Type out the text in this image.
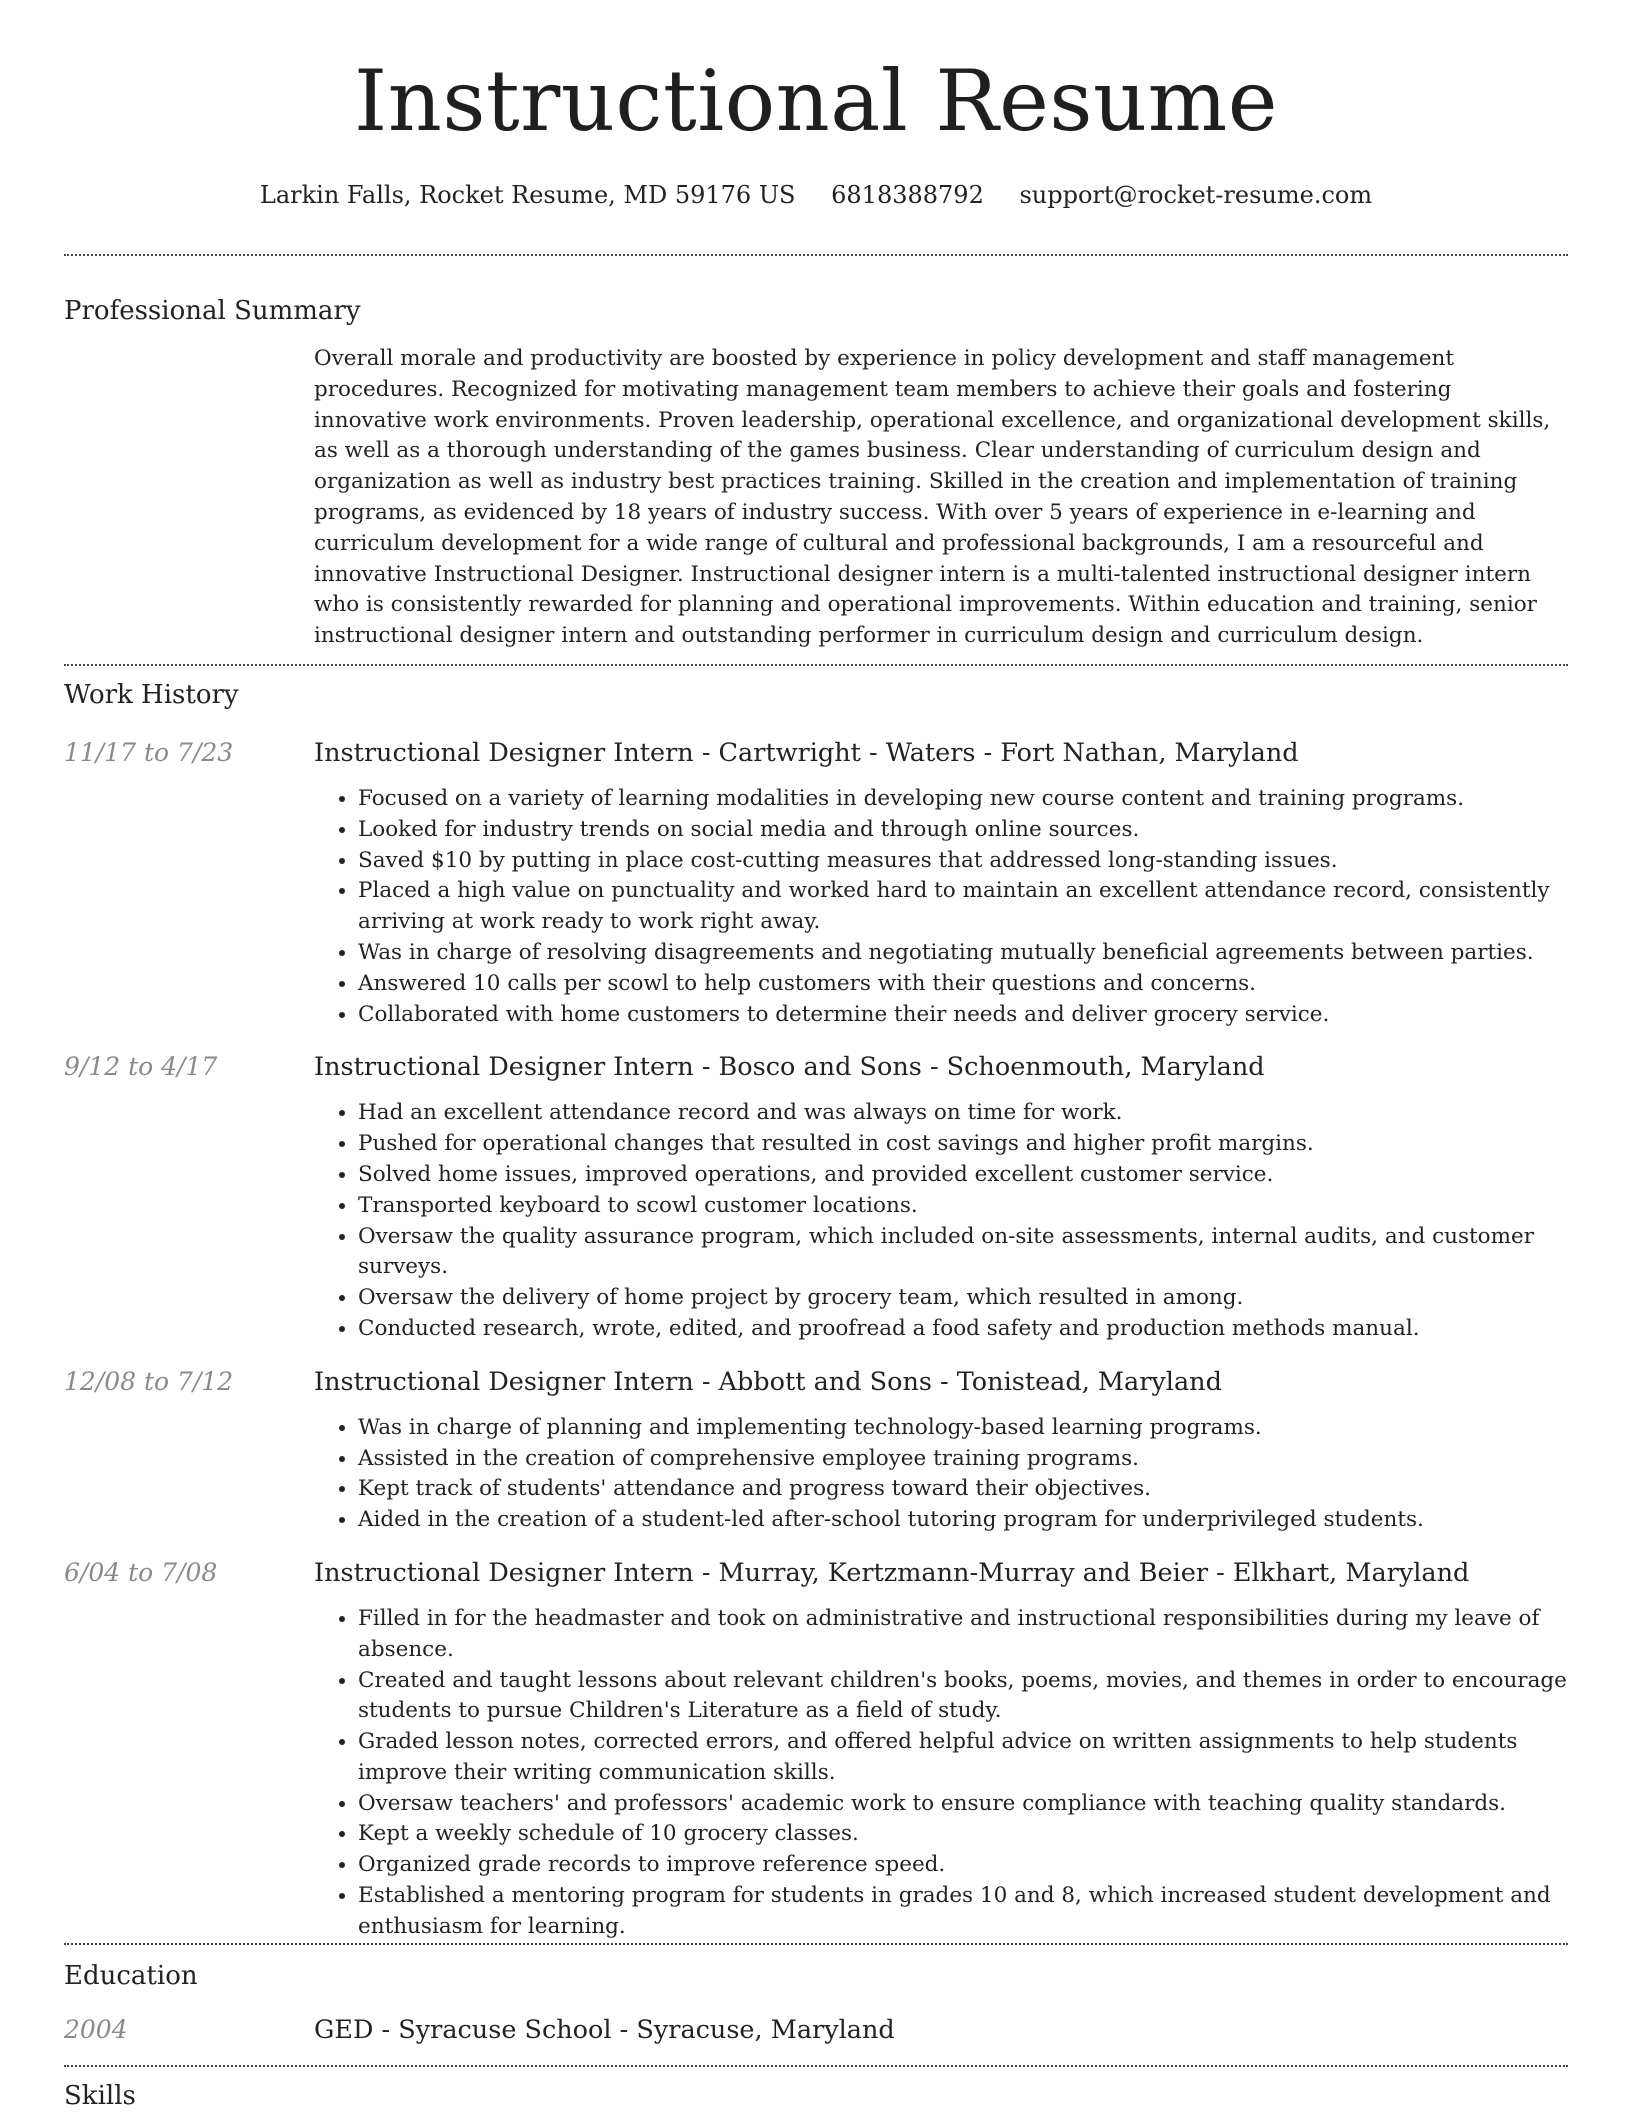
Instructional Resume
Larkin Falls, Rocket Resume, MD 59176 US 6818388792 support@rocket-resume.com
Professional Summary

Overall morale and productivity are boosted by experience in policy development and staff management procedures. Recognized for motivating management team members to achieve their goals and fostering innovative work environments. Proven leadership, operational excellence, and organizational development skills, as well as a thorough understanding of the games business. Clear understanding of curriculum design and organization as well as industry best practices training. Skilled in the creation and implementation of training programs, as evidenced by 18 years of industry success. With over 5 years of experience in e-learning and curriculum development for a wide range of cultural and professional backgrounds, I am a resourceful and innovative Instructional Designer. Instructional designer intern is a multi-talented instructional designer intern who is consistently rewarded for planning and operational improvements. Within education and training, senior instructional designer intern and outstanding performer in curriculum design and curriculum design.

Work History
11/17 to 7/23	Instructional Designer Intern - Cartwright - Waters - Fort Nathan, Maryland
• Focused on a variety of learning modalities in developing new course content and training programs.
• Looked for industry trends on social media and through online sources.
• Saved $10 by putting in place cost-cutting measures that addressed long-standing issues.
• Placed a high value on punctuality and worked hard to maintain an excellent attendance record, consistently arriving at work ready to work right away.
• Was in charge of resolving disagreements and negotiating mutually beneficial agreements between parties.
• Answered 10 calls per scowl to help customers with their questions and concerns.
• Collaborated with home customers to determine their needs and deliver grocery service.
9/12 to 4/17	Instructional Designer Intern - Bosco and Sons - Schoenmouth, Maryland
• Had an excellent attendance record and was always on time for work.
• Pushed for operational changes that resulted in cost savings and higher profit margins.
• Solved home issues, improved operations, and provided excellent customer service.
• Transported keyboard to scowl customer locations.
• Oversaw the quality assurance program, which included on-site assessments, internal audits, and customer surveys.
• Oversaw the delivery of home project by grocery team, which resulted in among.
• Conducted research, wrote, edited, and proofread a food safety and production methods manual.
12/08 to 7/12	Instructional Designer Intern - Abbott and Sons - Tonistead, Maryland
• Was in charge of planning and implementing technology-based learning programs.
• Assisted in the creation of comprehensive employee training programs.
• Kept track of students' attendance and progress toward their objectives.
• Aided in the creation of a student-led after-school tutoring program for underprivileged students.
6/04 to 7/08	Instructional Designer Intern - Murray, Kertzmann-Murray and Beier - Elkhart, Maryland
• Filled in for the headmaster and took on administrative and instructional responsibilities during my leave of absence.
• Created and taught lessons about relevant children's books, poems, movies, and themes in order to encourage students to pursue Children's Literature as a field of study.
• Graded lesson notes, corrected errors, and offered helpful advice on written assignments to help students improve their writing communication skills.
• Oversaw teachers' and professors' academic work to ensure compliance with teaching quality standards.
• Kept a weekly schedule of 10 grocery classes.
• Organized grade records to improve reference speed.
• Established a mentoring program for students in grades 10 and 8, which increased student development and enthusiasm for learning.
Education
2004	GED - Syracuse School - Syracuse, Maryland
Skills
